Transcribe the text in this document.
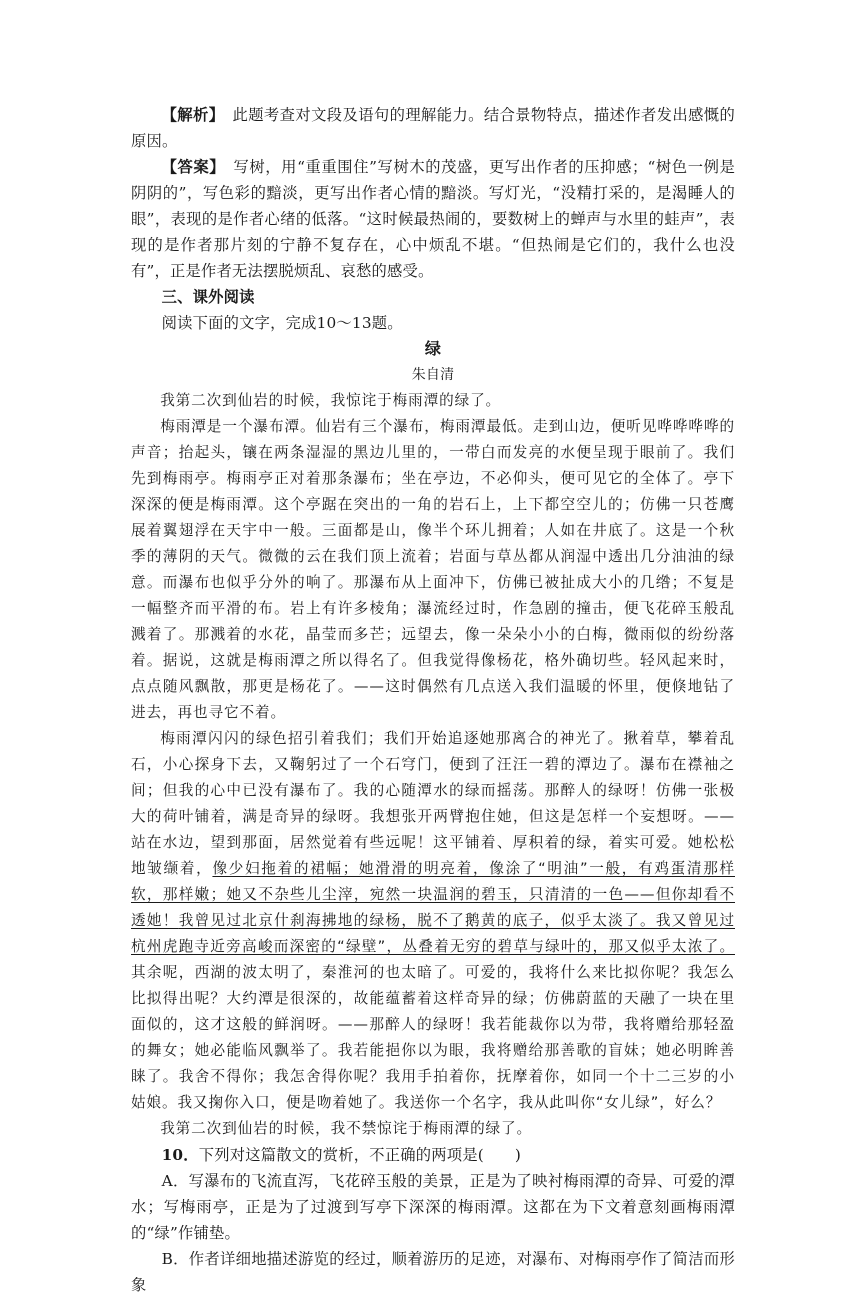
【解析】　 此题考查对文段及语句的理解能力。结合景物特点，描述作者发出感慨的原因。

【答案】　 写树，用“重重围住”写树木的茂盛，更写出作者的压抑感；“树色一例是阴阴的”，写色彩的黯淡，更写出作者心情的黯淡。写灯光，“没精打采的，是渴睡人的眼”，表现的是作者心绪的低落。“这时候最热闹的，要数树上的蝉声与水里的蛙声”，表现的是作者那片刻的宁静不复存在，心中烦乱不堪。“但热闹是它们的，我什么也没有”，正是作者无法摆脱烦乱、哀愁的感受。

三、课外阅读

阅读下面的文字，完成10～13题。

绿

朱自清

我第二次到仙岩的时候，我惊诧于梅雨潭的绿了。

梅雨潭是一个瀑布潭。仙岩有三个瀑布，梅雨潭最低。走到山边，便听见哗哗哗哗的声音；抬起头，镶在两条湿湿的黑边儿里的，一带白而发亮的水便呈现于眼前了。我们先到梅雨亭。梅雨亭正对着那条瀑布；坐在亭边，不必仰头，便可见它的全体了。亭下深深的便是梅雨潭。这个亭踞在突出的一角的岩石上，上下都空空儿的；仿佛一只苍鹰展着翼翅浮在天宇中一般。三面都是山，像半个环儿拥着；人如在井底了。这是一个秋季的薄阴的天气。微微的云在我们顶上流着；岩面与草丛都从润湿中透出几分油油的绿意。而瀑布也似乎分外的响了。那瀑布从上面冲下，仿佛已被扯成大小的几绺；不复是一幅整齐而平滑的布。岩上有许多棱角；瀑流经过时，作急剧的撞击，便飞花碎玉般乱溅着了。那溅着的水花，晶莹而多芒；远望去，像一朵朵小小的白梅，微雨似的纷纷落着。据说，这就是梅雨潭之所以得名了。但我觉得像杨花，格外确切些。轻风起来时，点点随风飘散，那更是杨花了。——这时偶然有几点送入我们温暖的怀里，便倏地钻了进去，再也寻它不着。

梅雨潭闪闪的绿色招引着我们；我们开始追逐她那离合的神光了。揪着草，攀着乱石，小心探身下去，又鞠躬过了一个石穹门，便到了汪汪一碧的潭边了。瀑布在襟袖之间；但我的心中已没有瀑布了。我的心随潭水的绿而摇荡。那醉人的绿呀！仿佛一张极大的荷叶铺着，满是奇异的绿呀。我想张开两臂抱住她，但这是怎样一个妄想呀。——站在水边，望到那面，居然觉着有些远呢！这平铺着、厚积着的绿，着实可爱。她松松地皱缬着，像少妇拖着的裙幅；她滑滑的明亮着，像涂了“明油”一般，有鸡蛋清那样软，那样嫩；她又不杂些儿尘滓，宛然一块温润的碧玉，只清清的一色——但你却看不透她！我曾见过北京什刹海拂地的绿杨，脱不了鹅黄的底子，似乎太淡了。我又曾见过杭州虎跑寺近旁高峻而深密的“绿壁”，丛叠着无穷的碧草与绿叶的，那又似乎太浓了。其余呢，西湖的波太明了，秦淮河的也太暗了。可爱的，我将什么来比拟你呢？我怎么比拟得出呢？大约潭是很深的，故能蕴蓄着这样奇异的绿；仿佛蔚蓝的天融了一块在里面似的，这才这般的鲜润呀。——那醉人的绿呀！我若能裁你以为带，我将赠给那轻盈的舞女；她必能临风飘举了。我若能挹你以为眼，我将赠给那善歌的盲妹；她必明眸善睐了。我舍不得你；我怎舍得你呢？我用手拍着你，抚摩着你，如同一个十二三岁的小姑娘。我又掬你入口，便是吻着她了。我送你一个名字，我从此叫你“女儿绿”，好么？

我第二次到仙岩的时候，我不禁惊诧于梅雨潭的绿了。

10．下列对这篇散文的赏析，不正确的两项是(　　)

A．写瀑布的飞流直泻，飞花碎玉般的美景，正是为了映衬梅雨潭的奇异、可爱的潭水；写梅雨亭，正是为了过渡到写亭下深深的梅雨潭。这都在为下文着意刻画梅雨潭的“绿”作铺垫。

B．作者详细地描述游览的经过，顺着游历的足迹，对瀑布、对梅雨亭作了简洁而形象
